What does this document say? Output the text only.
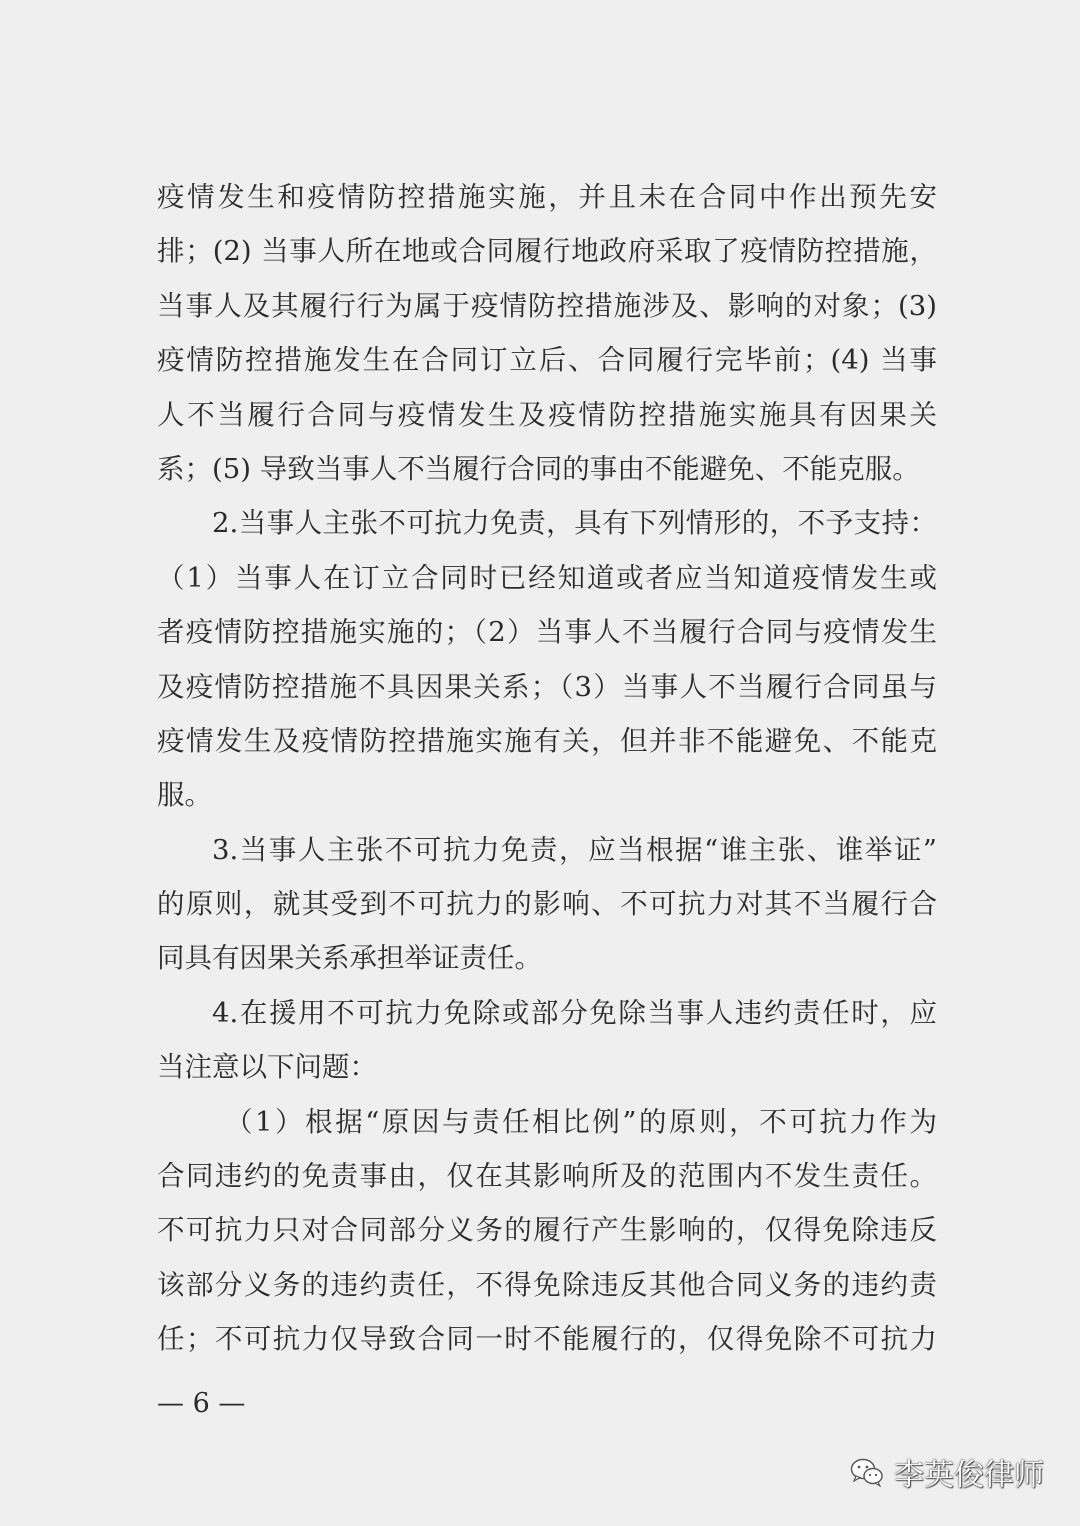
疫情发生和疫情防控措施实施，并且未在合同中作出预先安
排；(2) 当事人所在地或合同履行地政府采取了疫情防控措施，
当事人及其履行行为属于疫情防控措施涉及、影响的对象；(3)
疫情防控措施发生在合同订立后、合同履行完毕前；(4) 当事
人不当履行合同与疫情发生及疫情防控措施实施具有因果关
系；(5) 导致当事人不当履行合同的事由不能避免、不能克服。
2.当事人主张不可抗力免责，具有下列情形的，不予支持：
（1）当事人在订立合同时已经知道或者应当知道疫情发生或
者疫情防控措施实施的；（2）当事人不当履行合同与疫情发生
及疫情防控措施不具因果关系；（3）当事人不当履行合同虽与
疫情发生及疫情防控措施实施有关，但并非不能避免、不能克
服。
3.当事人主张不可抗力免责，应当根据“谁主张、谁举证”
的原则，就其受到不可抗力的影响、不可抗力对其不当履行合
同具有因果关系承担举证责任。
4.在援用不可抗力免除或部分免除当事人违约责任时，应
当注意以下问题：
（1）根据“原因与责任相比例”的原则，不可抗力作为
合同违约的免责事由，仅在其影响所及的范围内不发生责任。
不可抗力只对合同部分义务的履行产生影响的，仅得免除违反
该部分义务的违约责任，不得免除违反其他合同义务的违约责
任；不可抗力仅导致合同一时不能履行的，仅得免除不可抗力
— 6 —
李英俊律师
